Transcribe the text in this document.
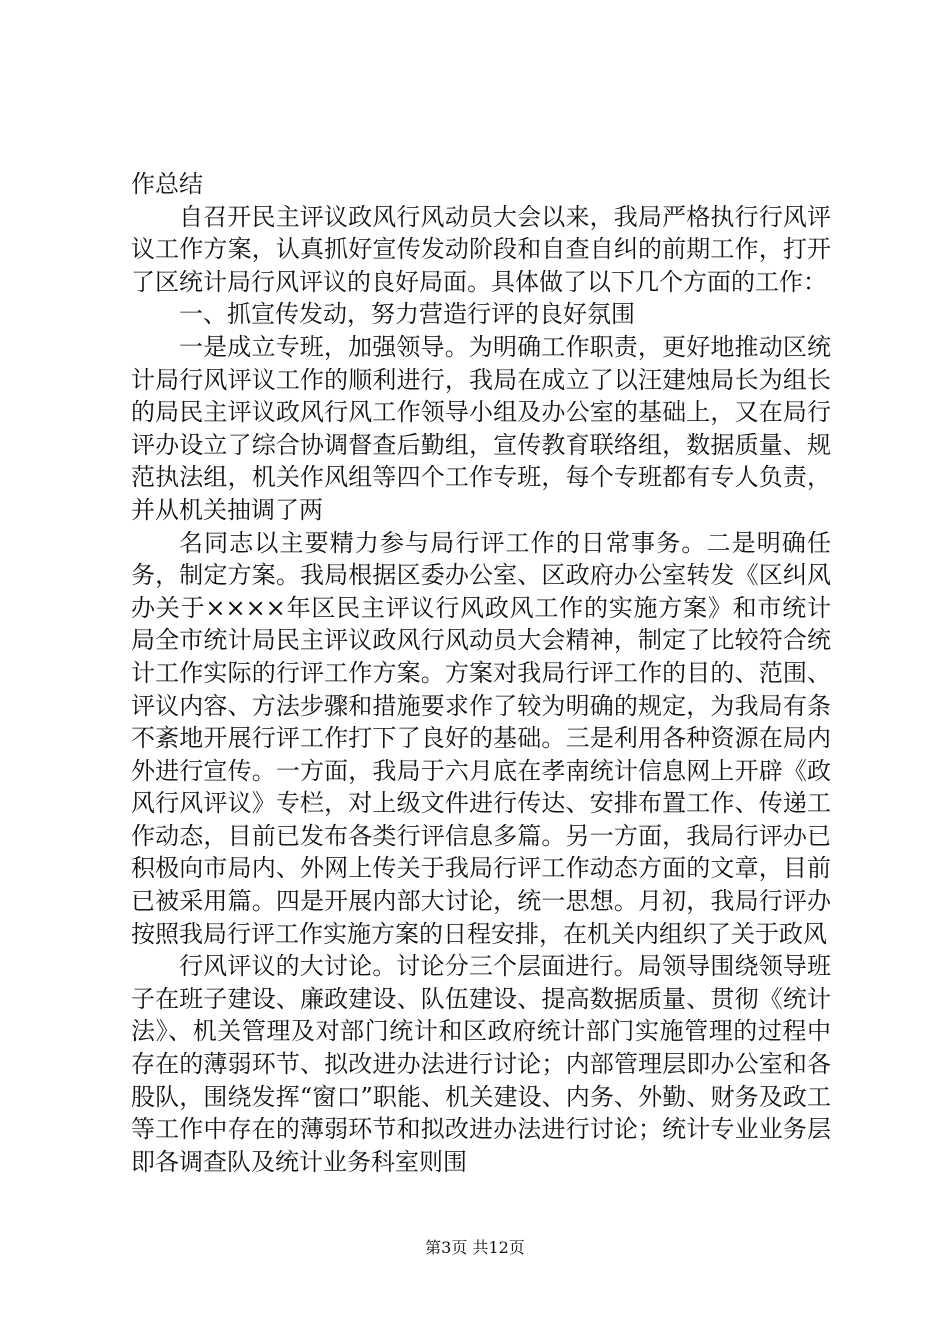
作总结

自召开民主评议政风行风动员大会以来，我局严格执行行风评议工作方案，认真抓好宣传发动阶段和自查自纠的前期工作，打开了区统计局行风评议的良好局面。具体做了以下几个方面的工作：

一、抓宣传发动，努力营造行评的良好氛围

一是成立专班，加强领导。为明确工作职责，更好地推动区统计局行风评议工作的顺利进行，我局在成立了以汪建烛局长为组长的局民主评议政风行风工作领导小组及办公室的基础上，又在局行评办设立了综合协调督查后勤组，宣传教育联络组，数据质量、规范执法组，机关作风组等四个工作专班，每个专班都有专人负责，并从机关抽调了两

名同志以主要精力参与局行评工作的日常事务。二是明确任务，制定方案。我局根据区委办公室、区政府办公室转发《区纠风办关于××××年区民主评议行风政风工作的实施方案》和市统计局全市统计局民主评议政风行风动员大会精神，制定了比较符合统计工作实际的行评工作方案。方案对我局行评工作的目的、范围、评议内容、方法步骤和措施要求作了较为明确的规定，为我局有条不紊地开展行评工作打下了良好的基础。三是利用各种资源在局内外进行宣传。一方面，我局于六月底在孝南统计信息网上开辟《政风行风评议》专栏，对上级文件进行传达、安排布置工作、传递工作动态，目前已发布各类行评信息多篇。另一方面，我局行评办已积极向市局内、外网上传关于我局行评工作动态方面的文章，目前已被采用篇。四是开展内部大讨论，统一思想。月初，我局行评办按照我局行评工作实施方案的日程安排，在机关内组织了关于政风

行风评议的大讨论。讨论分三个层面进行。局领导围绕领导班子在班子建设、廉政建设、队伍建设、提高数据质量、贯彻《统计法》、机关管理及对部门统计和区政府统计部门实施管理的过程中存在的薄弱环节、拟改进办法进行讨论；内部管理层即办公室和各股队，围绕发挥“窗口”职能、机关建设、内务、外勤、财务及政工等工作中存在的薄弱环节和拟改进办法进行讨论；统计专业业务层即各调查队及统计业务科室则围

第3页 共12页
